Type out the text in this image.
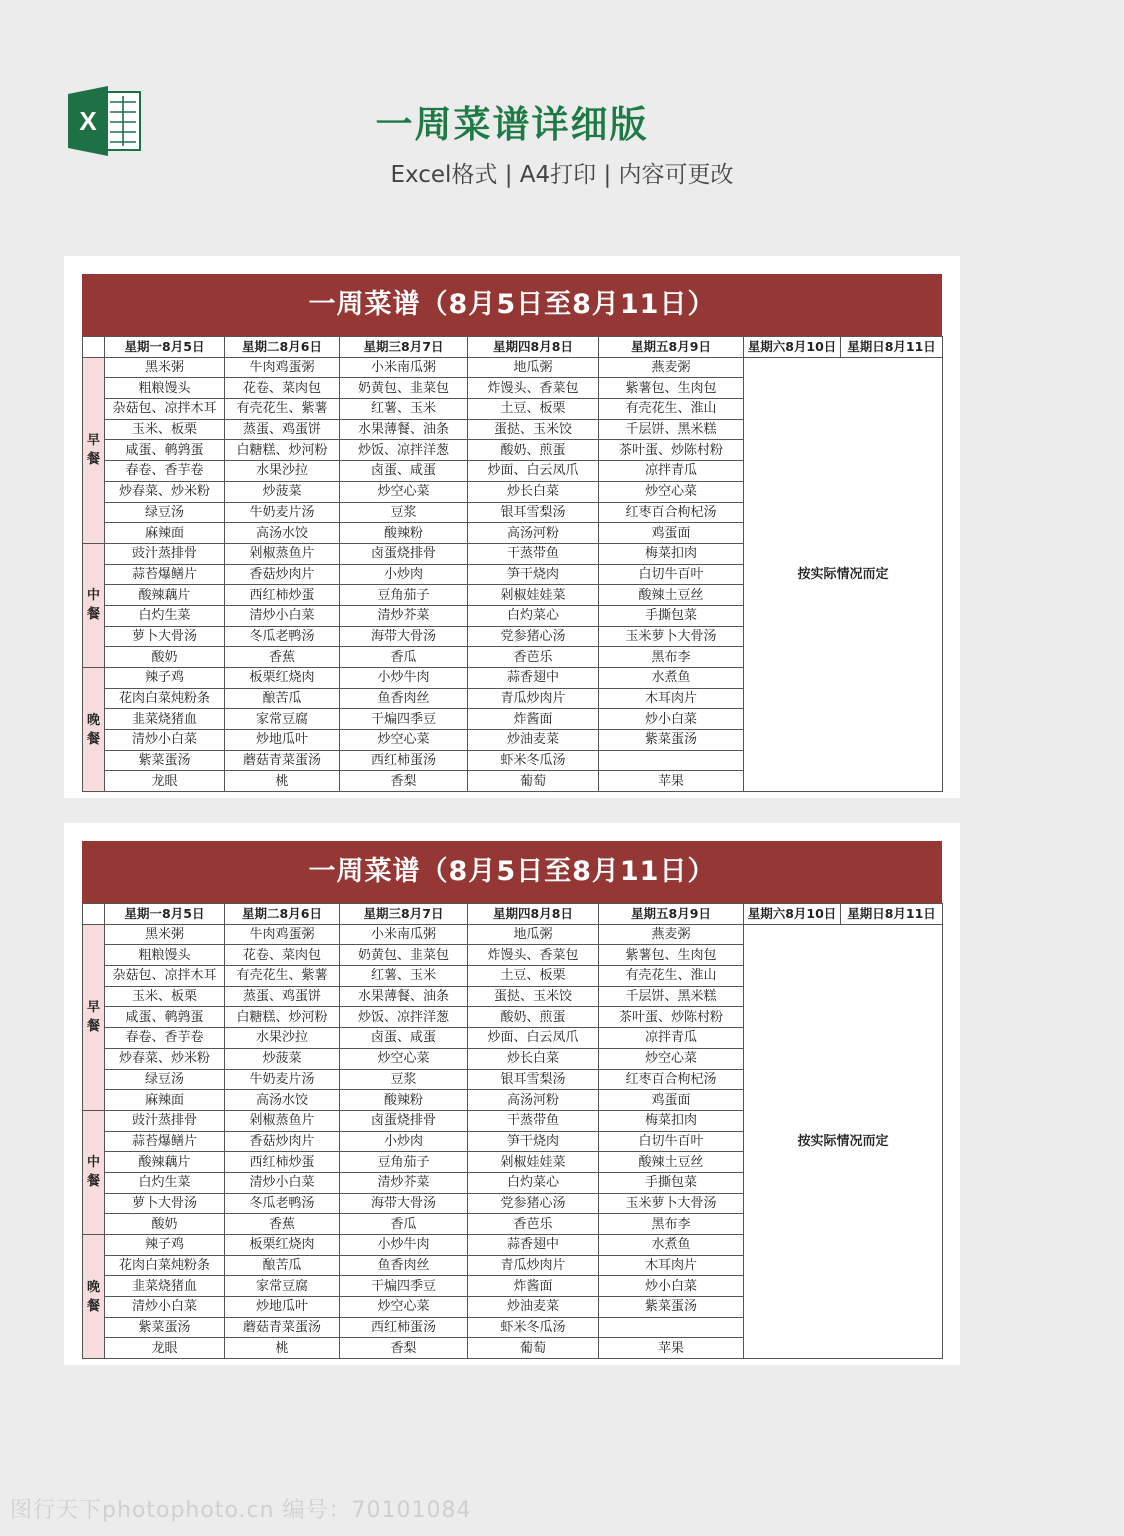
X	一周菜谱详细版
Excel格式 | A4打印 | 内容可更改
一周菜谱（8月5日至8月11日）
	星期一8月5日	星期二8月6日	星期三8月7日	星期四8月8日	星期五8月9日	星期六8月10日	星期日8月11日
早
餐	黑米粥	牛肉鸡蛋粥	小米南瓜粥	地瓜粥	燕麦粥	按实际情况而定	
	粗粮馒头	花卷、菜肉包	奶黄包、韭菜包	炸馒头、香菜包	紫薯包、生肉包		
	杂菇包、凉拌木耳	有壳花生、紫薯	红薯、玉米	土豆、板栗	有壳花生、淮山		
	玉米、板栗	蒸蛋、鸡蛋饼	水果薄餐、油条	蛋挞、玉米饺	千层饼、黑米糕		
	咸蛋、鹌鹑蛋	白糖糕、炒河粉	炒饭、凉拌洋葱	酸奶、煎蛋	茶叶蛋、炒陈村粉		
	春卷、香芋卷	水果沙拉	卤蛋、咸蛋	炒面、白云凤爪	凉拌青瓜		
	炒春菜、炒米粉	炒菠菜	炒空心菜	炒长白菜	炒空心菜		
	绿豆汤	牛奶麦片汤	豆浆	银耳雪梨汤	红枣百合枸杞汤		
	麻辣面	高汤水饺	酸辣粉	高汤河粉	鸡蛋面		
中
餐	豉汁蒸排骨	剁椒蒸鱼片	卤蛋烧排骨	干蒸带鱼	梅菜扣肉		
	蒜苔爆鳝片	香菇炒肉片	小炒肉	笋干烧肉	白切牛百叶		
	酸辣藕片	西红柿炒蛋	豆角茄子	剁椒娃娃菜	酸辣土豆丝		
	白灼生菜	清炒小白菜	清炒芥菜	白灼菜心	手撕包菜		
	萝卜大骨汤	冬瓜老鸭汤	海带大骨汤	党参猪心汤	玉米萝卜大骨汤		
	酸奶	香蕉	香瓜	香芭乐	黑布李		
晚
餐	辣子鸡	板栗红烧肉	小炒牛肉	蒜香翅中	水煮鱼		
	花肉白菜炖粉条	酿苦瓜	鱼香肉丝	青瓜炒肉片	木耳肉片		
	韭菜烧猪血	家常豆腐	干煸四季豆	炸酱面	炒小白菜		
	清炒小白菜	炒地瓜叶	炒空心菜	炒油麦菜	紫菜蛋汤		
	紫菜蛋汤	蘑菇青菜蛋汤	西红柿蛋汤	虾米冬瓜汤			
	龙眼	桃	香梨	葡萄	苹果		
一周菜谱（8月5日至8月11日）
	星期一8月5日	星期二8月6日	星期三8月7日	星期四8月8日	星期五8月9日	星期六8月10日	星期日8月11日
早
餐	黑米粥	牛肉鸡蛋粥	小米南瓜粥	地瓜粥	燕麦粥	按实际情况而定	
	粗粮馒头	花卷、菜肉包	奶黄包、韭菜包	炸馒头、香菜包	紫薯包、生肉包		
	杂菇包、凉拌木耳	有壳花生、紫薯	红薯、玉米	土豆、板栗	有壳花生、淮山		
	玉米、板栗	蒸蛋、鸡蛋饼	水果薄餐、油条	蛋挞、玉米饺	千层饼、黑米糕		
	咸蛋、鹌鹑蛋	白糖糕、炒河粉	炒饭、凉拌洋葱	酸奶、煎蛋	茶叶蛋、炒陈村粉		
	春卷、香芋卷	水果沙拉	卤蛋、咸蛋	炒面、白云凤爪	凉拌青瓜		
	炒春菜、炒米粉	炒菠菜	炒空心菜	炒长白菜	炒空心菜		
	绿豆汤	牛奶麦片汤	豆浆	银耳雪梨汤	红枣百合枸杞汤		
	麻辣面	高汤水饺	酸辣粉	高汤河粉	鸡蛋面		
中
餐	豉汁蒸排骨	剁椒蒸鱼片	卤蛋烧排骨	干蒸带鱼	梅菜扣肉		
	蒜苔爆鳝片	香菇炒肉片	小炒肉	笋干烧肉	白切牛百叶		
	酸辣藕片	西红柿炒蛋	豆角茄子	剁椒娃娃菜	酸辣土豆丝		
	白灼生菜	清炒小白菜	清炒芥菜	白灼菜心	手撕包菜		
	萝卜大骨汤	冬瓜老鸭汤	海带大骨汤	党参猪心汤	玉米萝卜大骨汤		
	酸奶	香蕉	香瓜	香芭乐	黑布李		
晚
餐	辣子鸡	板栗红烧肉	小炒牛肉	蒜香翅中	水煮鱼		
	花肉白菜炖粉条	酿苦瓜	鱼香肉丝	青瓜炒肉片	木耳肉片		
	韭菜烧猪血	家常豆腐	干煸四季豆	炸酱面	炒小白菜		
	清炒小白菜	炒地瓜叶	炒空心菜	炒油麦菜	紫菜蛋汤		
	紫菜蛋汤	蘑菇青菜蛋汤	西红柿蛋汤	虾米冬瓜汤			
	龙眼	桃	香梨	葡萄	苹果		
图行天下photophoto.cn 编号：70101084
